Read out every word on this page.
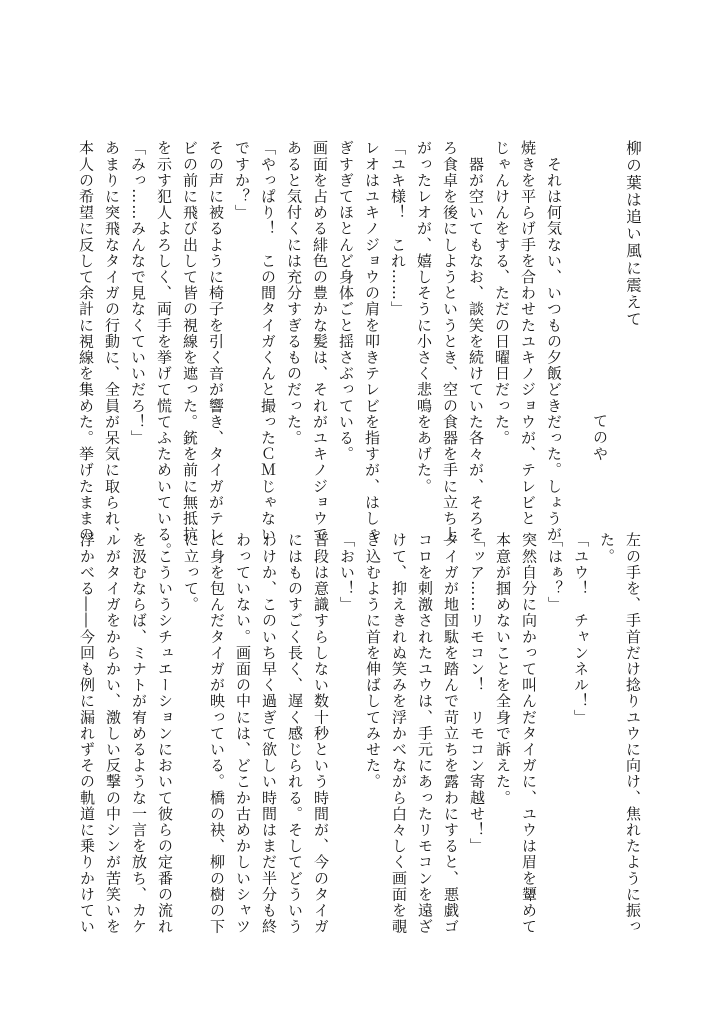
柳の葉は追い風に震えて
てのや
　それは何気ない、いつもの夕飯どきだった。しょうが
焼きを平らげ手を合わせたユキノジョウが、テレビと
じゃんけんをする、ただの日曜日だった。
　器が空いてもなお、談笑を続けていた各々が、そろそ
ろ食卓を後にしようというとき、空の食器を手に立ち上
がったレオが、嬉しそうに小さく悲鳴をあげた。
「ユキ様！　これ……」
レオはユキノジョウの肩を叩きテレビを指すが、はしゃ
ぎすぎてほとんど身体ごと揺さぶっている。
画面を占める緋色の豊かな髪は、それがユキノジョウで
あると気付くには充分すぎるものだった。
「やっぱり！　この間タイガくんと撮ったＣＭじゃない
ですか？」
その声に被るように椅子を引く音が響き、タイガがテレ
ビの前に飛び出して皆の視線を遮った。銃を前に無抵抗
を示す犯人よろしく、両手を挙げて慌てふためいている。
「みっ……みんなで見なくていいだろ！」
あまりに突飛なタイガの行動に、全員が呆気に取られ、
本人の希望に反して余計に視線を集めた。挙げたままの
左の手を、手首だけ捻りユウに向け、焦れたように振っ
た。
「ユウ！　チャンネル！」
「はぁ？」
突然自分に向かって叫んだタイガに、ユウは眉を顰めて
本意が掴めないことを全身で訴えた。
「ッア……リモコン！　リモコン寄越せ！」
タイガが地団駄を踏んで苛立ちを露わにすると、悪戯ゴ
コロを刺激されたユウは、手元にあったリモコンを遠ざ
けて、抑えきれぬ笑みを浮かべながら白々しく画面を覗
き込むように首を伸ばしてみせた。
「おい！」
普段は意識すらしない数十秒という時間が、今のタイガ
にはものすごく長く、遅く感じられる。そしてどういう
わけか、このいち早く過ぎて欲しい時間はまだ半分も終
わっていない。画面の中には、どこか古めかしいシャツ
に身を包んだタイガが映っている。橋の袂、柳の樹の下
に立って。
　こういうシチュエーションにおいて彼らの定番の流れ
を汲むならば、ミナトが宥めるような一言を放ち、カケ
ルがタイガをからかい、激しい反撃の中シンが苦笑いを
浮かべる――今回も例に漏れずその軌道に乗りかけてい
